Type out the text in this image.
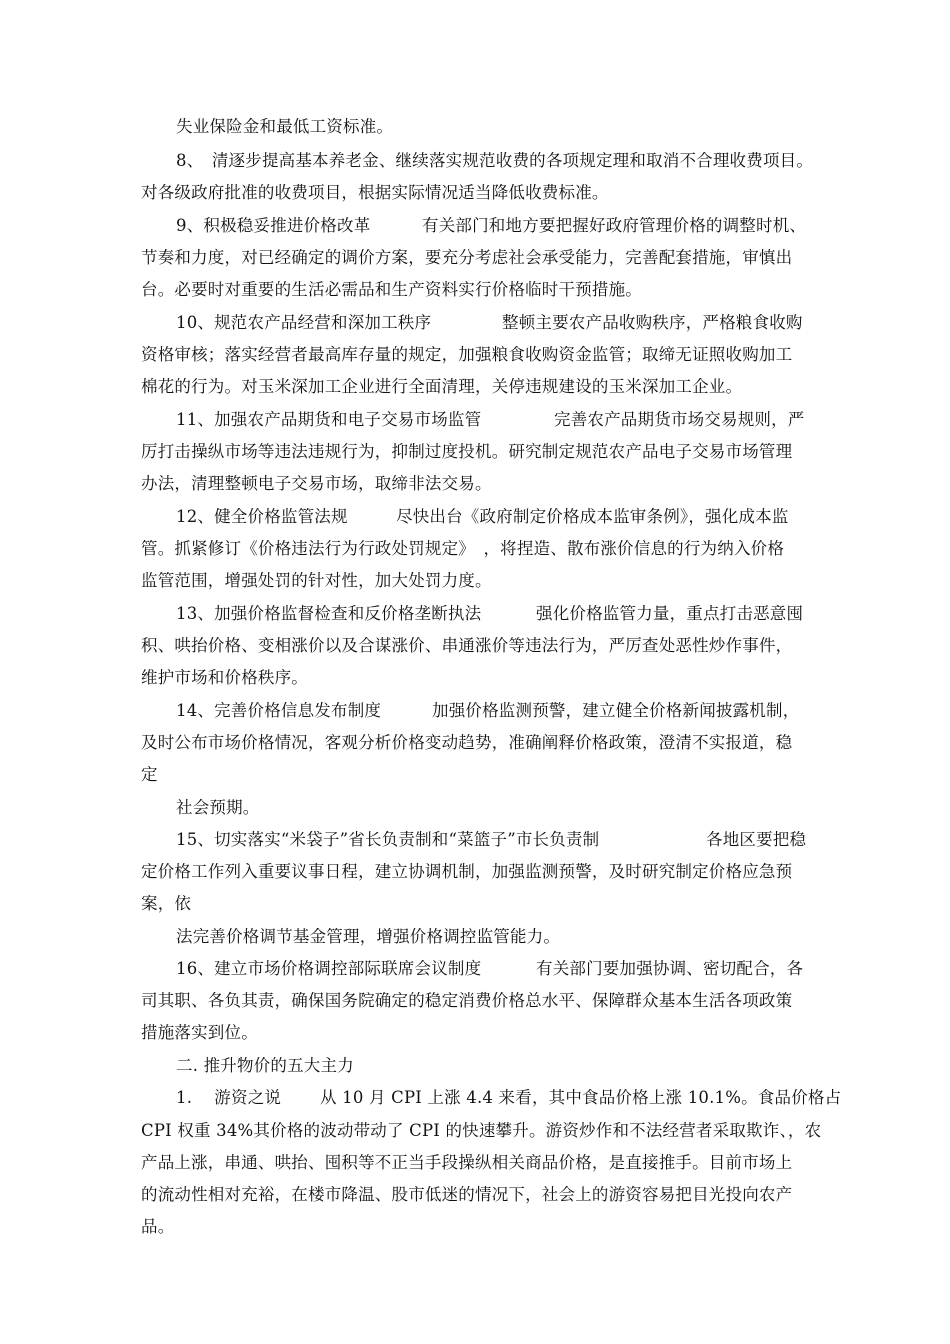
失业保险金和最低工资标准。
8、　清逐步提高基本养老金、继续落实规范收费的各项规定理和取消不合理收费项目。
对各级政府批准的收费项目，根据实际情况适当降低收费标准。
9、积极稳妥推进价格改革	有关部门和地方要把握好政府管理价格的调整时机、
节奏和力度，对已经确定的调价方案，要充分考虑社会承受能力，完善配套措施，审慎出
台。必要时对重要的生活必需品和生产资料实行价格临时干预措施。
10、规范农产品经营和深加工秩序	整顿主要农产品收购秩序，严格粮食收购
资格审核；落实经营者最高库存量的规定，加强粮食收购资金监管；取缔无证照收购加工
棉花的行为。对玉米深加工企业进行全面清理，关停违规建设的玉米深加工企业。
11、加强农产品期货和电子交易市场监管	完善农产品期货市场交易规则，严
厉打击操纵市场等违法违规行为，抑制过度投机。研究制定规范农产品电子交易市场管理
办法，清理整顿电子交易市场，取缔非法交易。
12、健全价格监管法规	尽快出台《政府制定价格成本监审条例》，强化成本监
管。抓紧修订《价格违法行为行政处罚规定》　，将捏造、散布涨价信息的行为纳入价格
监管范围，增强处罚的针对性，加大处罚力度。
13、加强价格监督检查和反价格垄断执法	强化价格监管力量，重点打击恶意囤
积、哄抬价格、变相涨价以及合谋涨价、串通涨价等违法行为，严厉查处恶性炒作事件，
维护市场和价格秩序。
14、完善价格信息发布制度	加强价格监测预警，建立健全价格新闻披露机制，
及时公布市场价格情况，客观分析价格变动趋势，准确阐释价格政策，澄清不实报道，稳
定
社会预期。
15、切实落实“米袋子”省长负责制和“菜篮子”市长负责制	各地区要把稳
定价格工作列入重要议事日程，建立协调机制，加强监测预警，及时研究制定价格应急预
案，依
法完善价格调节基金管理，增强价格调控监管能力。
16、建立市场价格调控部际联席会议制度	有关部门要加强协调、密切配合，各
司其职、各负其责，确保国务院确定的稳定消费价格总水平、保障群众基本生活各项政策
措施落实到位。
二. 推升物价的五大主力
1.　 游资之说 从 10 月 CPI 上涨 4.4 来看，其中食品价格上涨 10.1%。食品价格占
CPI 权重 34%其价格的波动带动了 CPI 的快速攀升。游资炒作和不法经营者采取欺诈、，农
产品上涨，串通、哄抬、囤积等不正当手段操纵相关商品价格，是直接推手。目前市场上
的流动性相对充裕，在楼市降温、股市低迷的情况下，社会上的游资容易把目光投向农产
品。
